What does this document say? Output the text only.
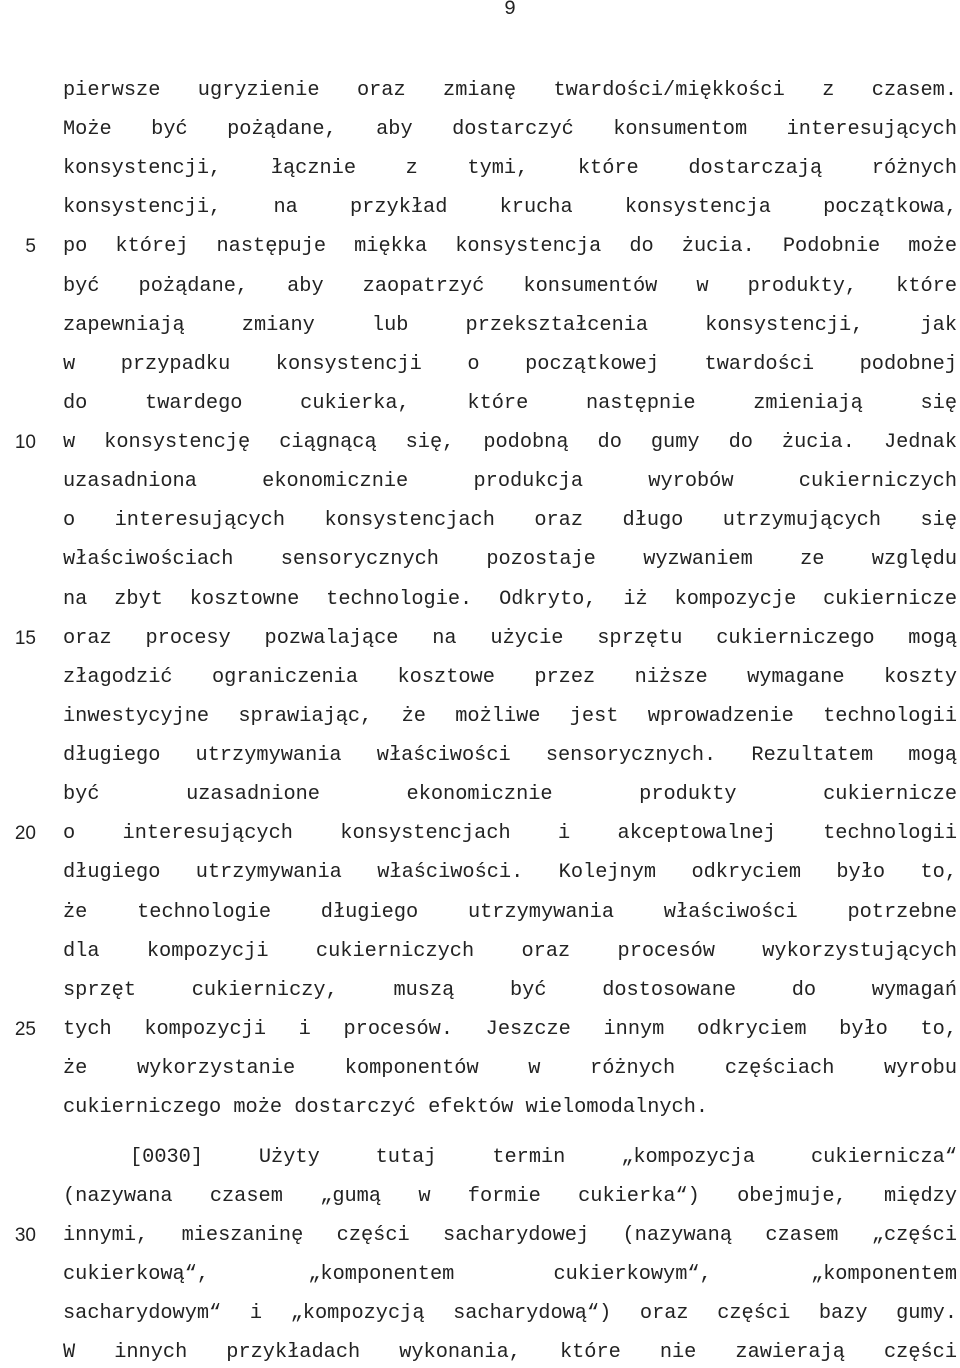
9
5
10
15
20
25
30
pierwsze ugryzienie oraz zmianę twardości/miękkości z czasem.
Może być pożądane, aby dostarczyć konsumentom interesujących
konsystencji, łącznie z tymi, które dostarczają różnych
konsystencji, na przykład krucha konsystencja początkowa,
po której następuje miękka konsystencja do żucia. Podobnie może
być pożądane, aby zaopatrzyć konsumentów w produkty, które
zapewniają zmiany lub przekształcenia konsystencji, jak
w przypadku konsystencji o początkowej twardości podobnej
do twardego cukierka, które następnie zmieniają się
w konsystencję ciągnącą się, podobną do gumy do żucia. Jednak
uzasadniona ekonomicznie produkcja wyrobów cukierniczych
o interesujących konsystencjach oraz długo utrzymujących się
właściwościach sensorycznych pozostaje wyzwaniem ze względu
na zbyt kosztowne technologie. Odkryto, iż kompozycje cukiernicze
oraz procesy pozwalające na użycie sprzętu cukierniczego mogą
złagodzić ograniczenia kosztowe przez niższe wymagane koszty
inwestycyjne sprawiając, że możliwe jest wprowadzenie technologii
długiego utrzymywania właściwości sensorycznych. Rezultatem mogą
być uzasadnione ekonomicznie produkty cukiernicze
o interesujących konsystencjach i akceptowalnej technologii
długiego utrzymywania właściwości. Kolejnym odkryciem było to,
że technologie długiego utrzymywania właściwości potrzebne
dla kompozycji cukierniczych oraz procesów wykorzystujących
sprzęt cukierniczy, muszą być dostosowane do wymagań
tych kompozycji i procesów. Jeszcze innym odkryciem było to,
że wykorzystanie komponentów w różnych częściach wyrobu
cukierniczego może dostarczyć efektów wielomodalnych.
[0030] Użyty tutaj termin „kompozycja cukiernicza“
(nazywana czasem „gumą w formie cukierka“) obejmuje, między
innymi, mieszaninę części sacharydowej (nazywaną czasem „części
cukierkową“, „komponentem cukierkowym“, „komponentem
sacharydowym“ i „kompozycją sacharydową“) oraz części bazy gumy.
W innych przykładach wykonania, które nie zawierają części
